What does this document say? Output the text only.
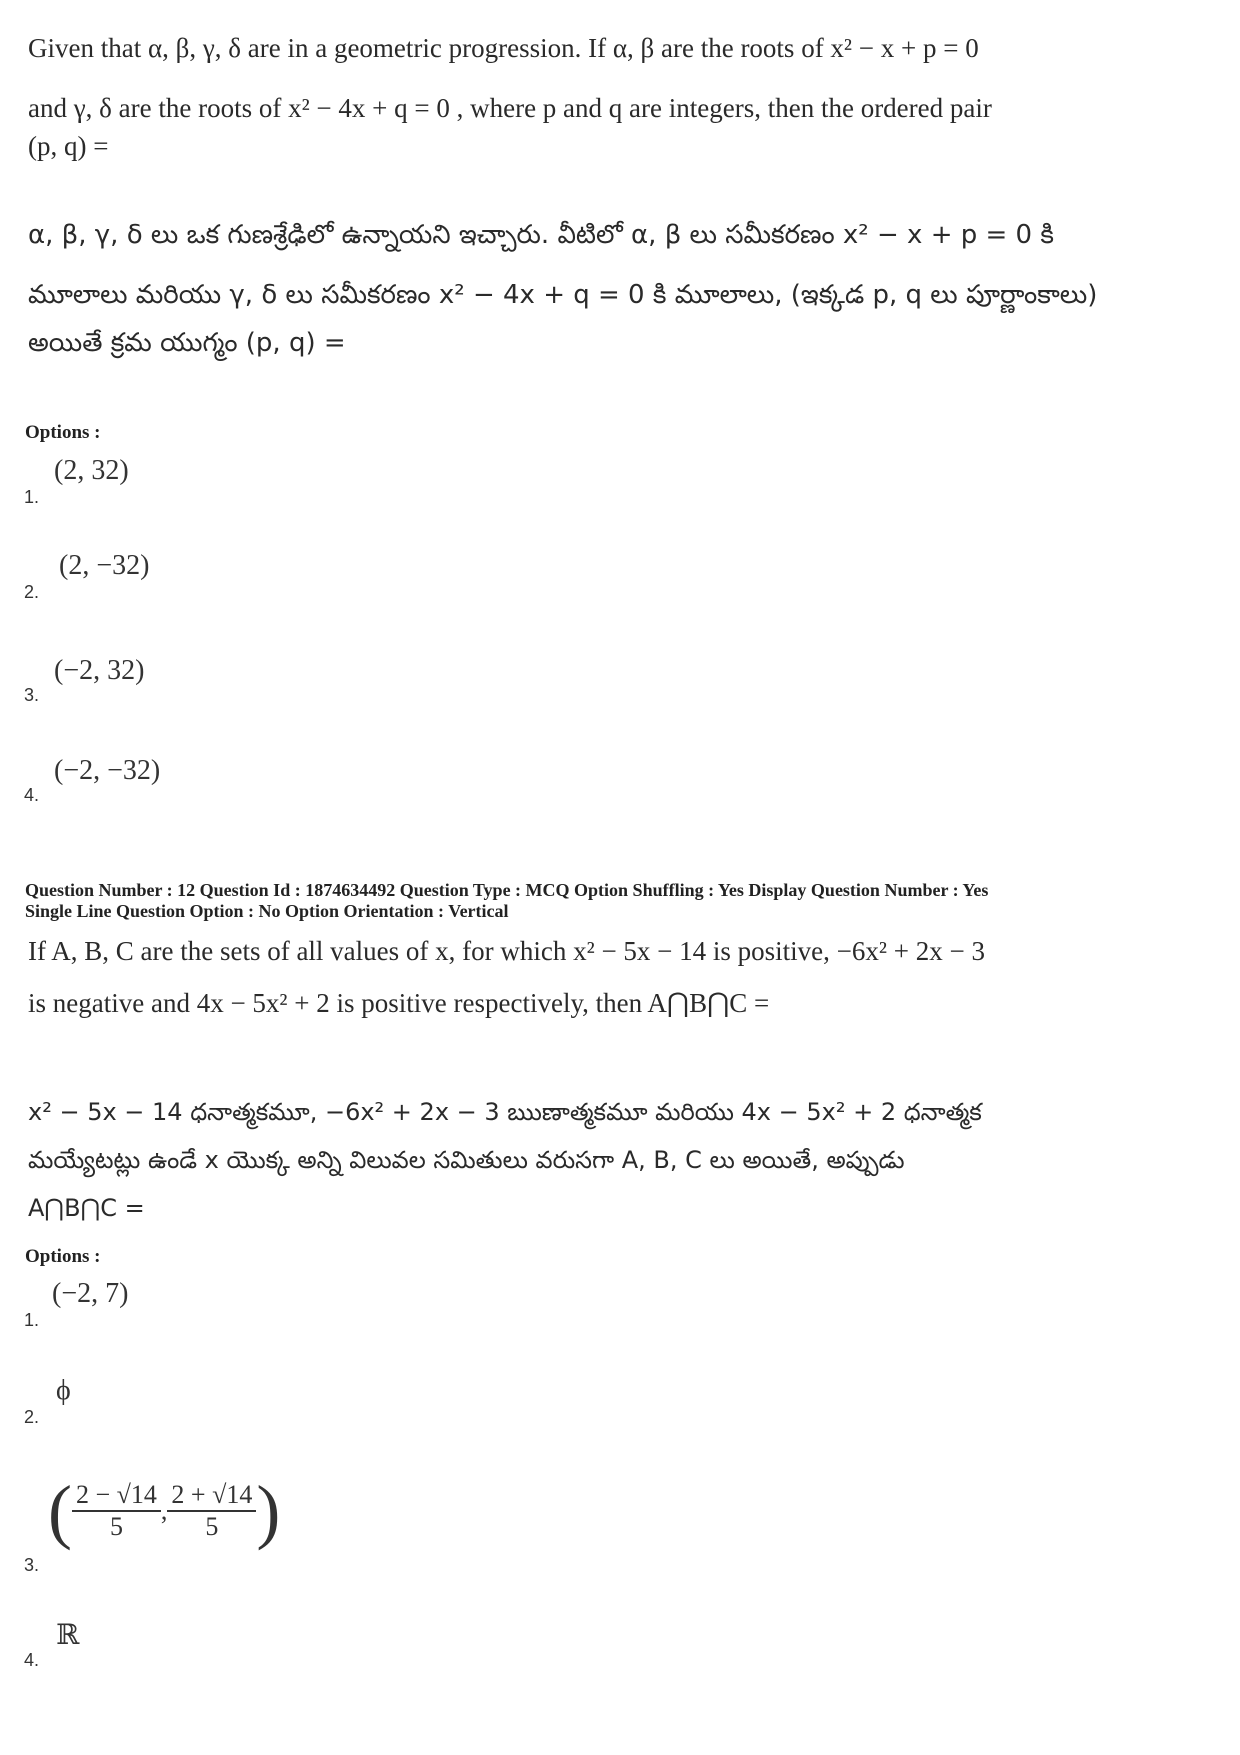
Given that α, β, γ, δ are in a geometric progression. If α, β are the roots of x² − x + p = 0
and γ, δ are the roots of x² − 4x + q = 0 , where p and q are integers, then the ordered pair
(p, q) =
α, β, γ, δ లు ఒక గుణశ్రేఢిలో ఉన్నాయని ఇచ్చారు. వీటిలో α, β లు సమీకరణం x² − x + p = 0 కి
మూలాలు మరియు γ, δ లు సమీకరణం x² − 4x + q = 0 కి మూలాలు, (ఇక్కడ p, q లు పూర్ణాంకాలు)
అయితే క్రమ యుగ్మం (p, q) =
Options :
1.
(2, 32)
2.
(2, −32)
3.
(−2, 32)
4.
(−2, −32)
Question Number : 12 Question Id : 1874634492 Question Type : MCQ Option Shuffling : Yes Display Question Number : Yes
Single Line Question Option : No Option Orientation : Vertical
If A, B, C are the sets of all values of x, for which x² − 5x − 14 is positive, −6x² + 2x − 3
is negative and 4x − 5x² + 2 is positive respectively, then A⋂B⋂C =
x² − 5x − 14 ధనాత్మకమూ, −6x² + 2x − 3 ఋణాత్మకమూ మరియు 4x − 5x² + 2 ధనాత్మక
మయ్యేటట్లు ఉండే x యొక్క అన్ని విలువల సమితులు వరుసగా A, B, C లు అయితే, అప్పుడు
A⋂B⋂C =
Options :
1.
(−2, 7)
2.
ϕ
3.
( $\frac{2 - √14}{5}$ , $\frac{2 + √14}{5}$ )
4.
ℝ
